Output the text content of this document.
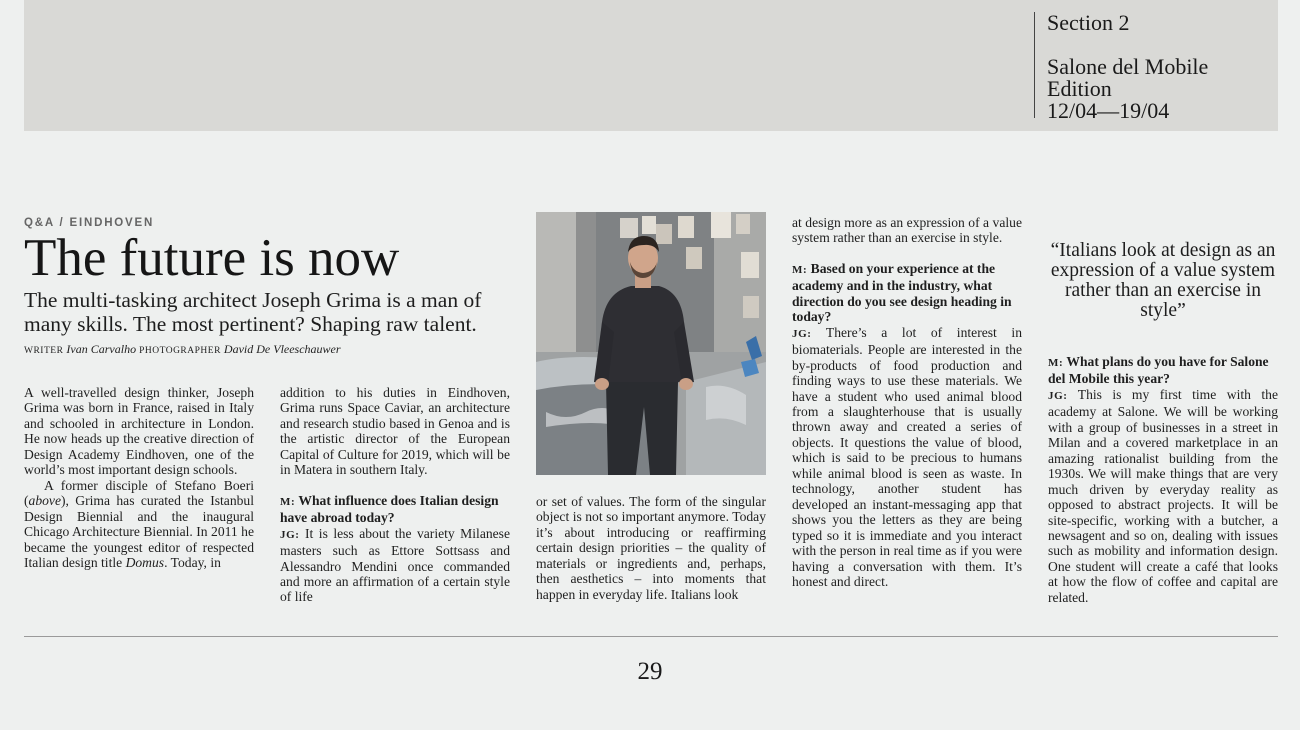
Section 2
Salone del Mobile
Edition
12/04—19/04
Q&A / EINDHOVEN
The future is now

The multi-tasking architect Joseph Grima is a man of many skills. The most pertinent? Shaping raw talent.

WRITER Ivan Carvalho PHOTOGRAPHER David De Vleeschauwer

A well-travelled design thinker, Joseph Grima was born in France, raised in Italy and schooled in architecture in London. He now heads up the creative direction of Design Academy Eindhoven, one of the world’s most important design schools.

A former disciple of Stefano Boeri (above), Grima has curated the Istanbul Design Biennial and the inaugural Chicago Architecture Biennial. In 2011 he became the youngest editor of respected Italian design title Domus. Today, in

addition to his duties in Eindhoven, Grima runs Space Caviar, an architecture and research studio based in Genoa and is the artistic director of the European Capital of Culture for 2019, which will be in Matera in southern Italy.

M: What influence does Italian design have abroad today?

JG: It is less about the variety Milanese masters such as Ettore Sottsass and Alessandro Mendini once commanded and more an affirmation of a certain style of life

or set of values. The form of the singular object is not so important anymore. Today it’s about introducing or reaffirming certain design priorities – the quality of materials or ingredients and, perhaps, then aesthetics – into moments that happen in everyday life. Italians look

at design more as an expression of a value system rather than an exercise in style.

M: Based on your experience at the academy and in the industry, what direction do you see design heading in today?

JG: There’s a lot of interest in biomaterials. People are interested in the by-products of food production and finding ways to use these materials. We have a student who used animal blood from a slaughterhouse that is usually thrown away and created a series of objects. It questions the value of blood, which is said to be precious to humans while animal blood is seen as waste. In technology, another student has developed an instant-messaging app that shows you the letters as they are being typed so it is immediate and you interact with the person in real time as if you were having a conversation with them. It’s honest and direct.

“Italians look at design as an expression of a value system rather than an exercise in style”

M: What plans do you have for Salone del Mobile this year?

JG: This is my first time with the academy at Salone. We will be working with a group of businesses in a street in Milan and a covered marketplace in an amazing rationalist building from the 1930s. We will make things that are very much driven by everyday reality as opposed to abstract projects. It will be site-specific, working with a butcher, a newsagent and so on, dealing with issues such as mobility and information design. One student will create a café that looks at how the flow of coffee and capital are related.

29
